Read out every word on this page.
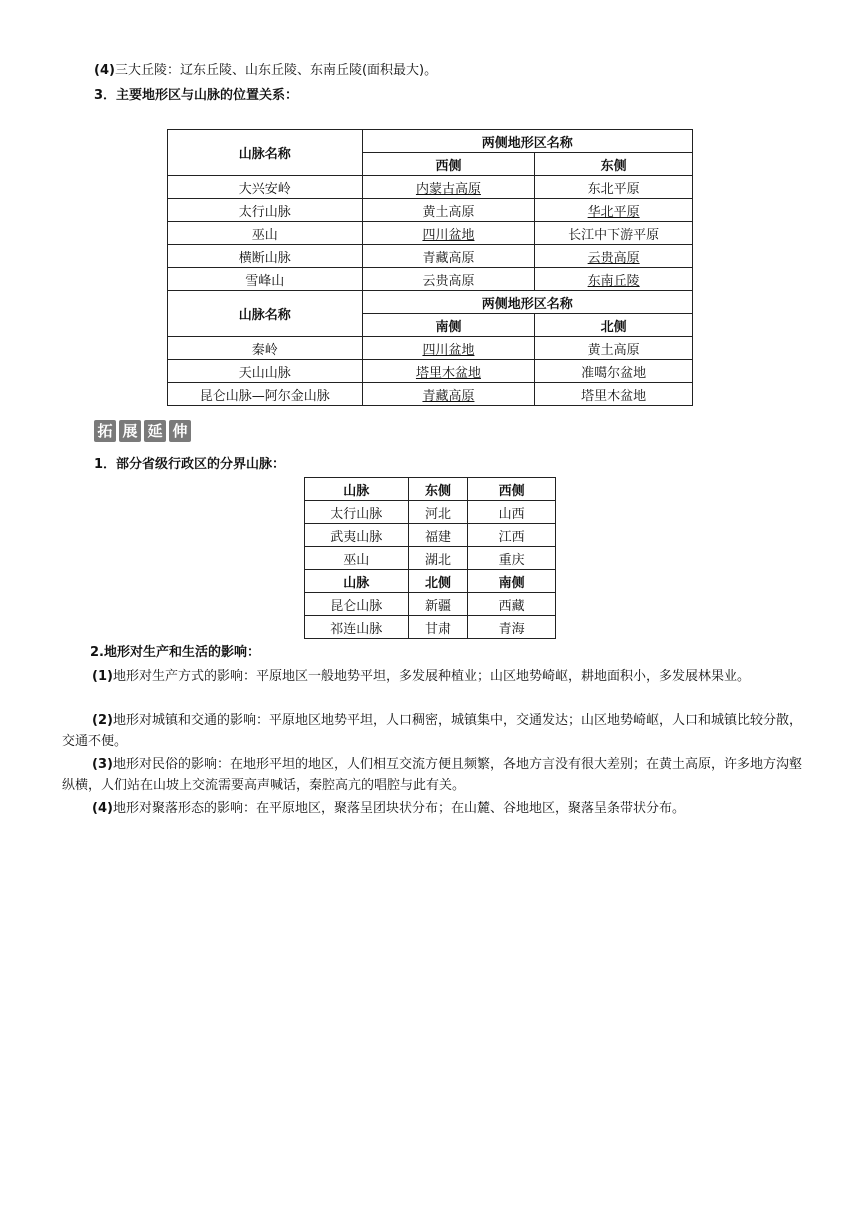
(4)三大丘陵：辽东丘陵、山东丘陵、东南丘陵(面积最大)。
3．主要地形区与山脉的位置关系：
山脉名称	两侧地形区名称	
	西侧	东侧
大兴安岭	内蒙古高原	东北平原
太行山脉	黄土高原	华北平原
巫山	四川盆地	长江中下游平原
横断山脉	青藏高原	云贵高原
雪峰山	云贵高原	东南丘陵
山脉名称	两侧地形区名称	
	南侧	北侧
秦岭	四川盆地	黄土高原
天山山脉	塔里木盆地	准噶尔盆地
昆仑山脉—阿尔金山脉	青藏高原	塔里木盆地
拓 展 延 伸
1．部分省级行政区的分界山脉：
山脉	东侧	西侧
太行山脉	河北	山西
武夷山脉	福建	江西
巫山	湖北	重庆
山脉	北侧	南侧
昆仑山脉	新疆	西藏
祁连山脉	甘肃	青海
2.地形对生产和生活的影响：
(1)地形对生产方式的影响：平原地区一般地势平坦，多发展种植业；山区地势崎岖，耕地面积小，多发展林果业。
(2)地形对城镇和交通的影响：平原地区地势平坦，人口稠密，城镇集中，交通发达；山区地势崎岖，人口和城镇比较分散，交通不便。
(3)地形对民俗的影响：在地形平坦的地区，人们相互交流方便且频繁，各地方言没有很大差别；在黄土高原，许多地方沟壑纵横，人们站在山坡上交流需要高声喊话，秦腔高亢的唱腔与此有关。
(4)地形对聚落形态的影响：在平原地区，聚落呈团块状分布；在山麓、谷地地区，聚落呈条带状分布。
